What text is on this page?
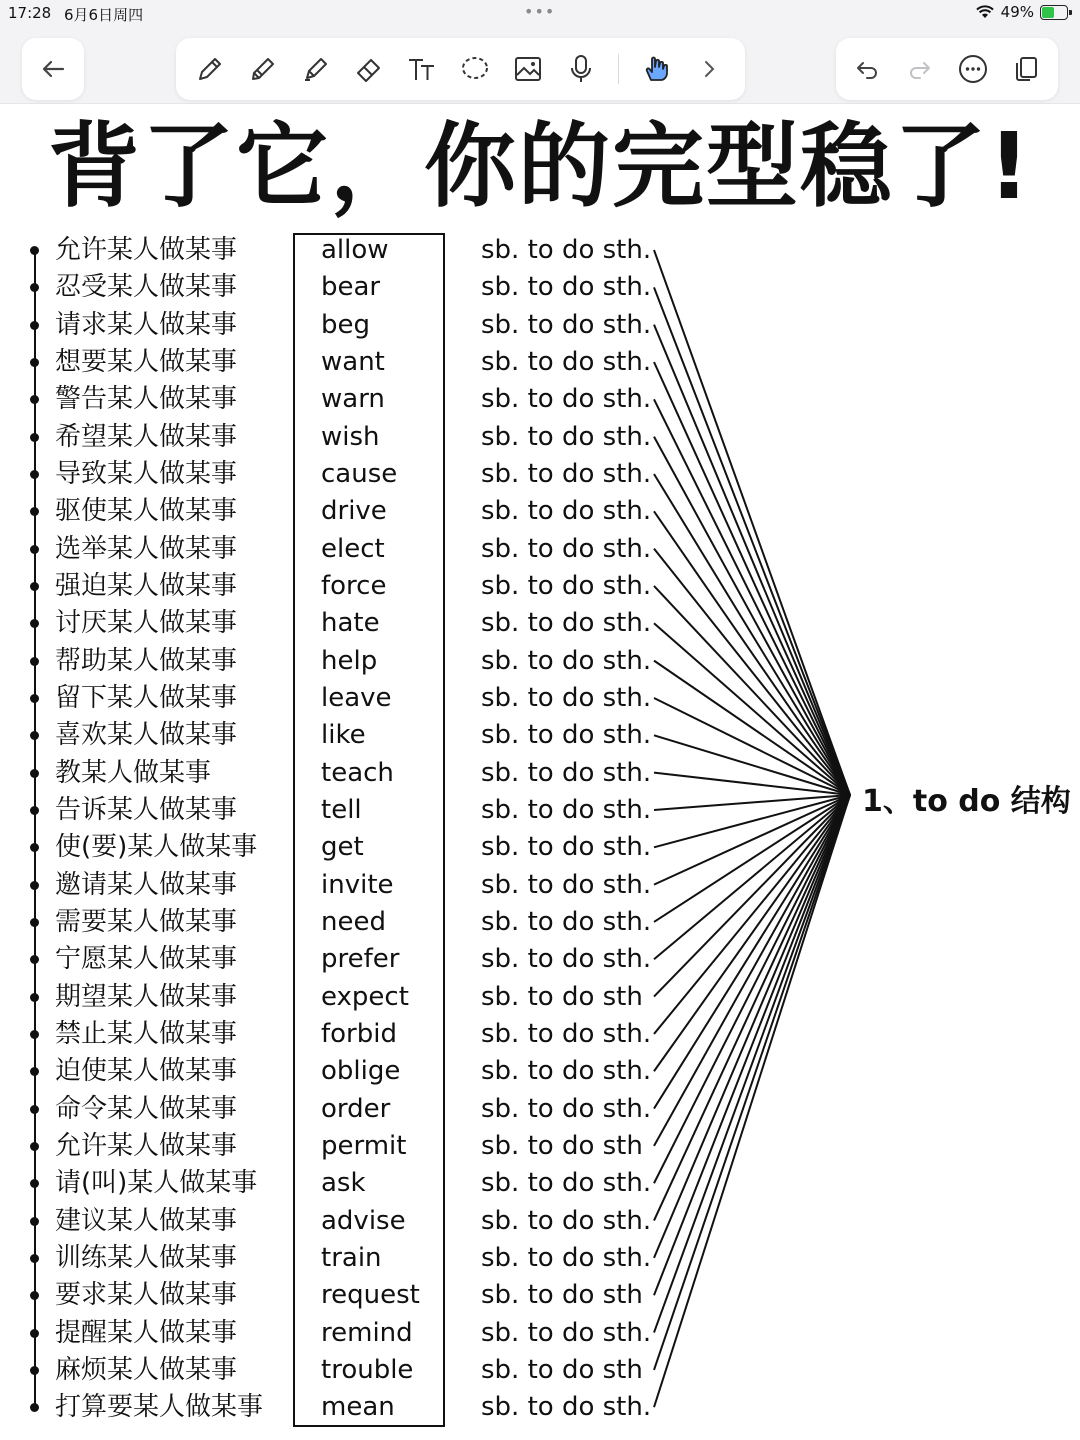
17:28 6月6日周四	•••	49%
背了它，你的完型稳了!
允许某人做某事	allow	sb. to do sth.
忍受某人做某事	bear	sb. to do sth.
请求某人做某事	beg	sb. to do sth.
想要某人做某事	want	sb. to do sth.
警告某人做某事	warn	sb. to do sth.
希望某人做某事	wish	sb. to do sth.
导致某人做某事	cause	sb. to do sth.
驱使某人做某事	drive	sb. to do sth.
选举某人做某事	elect	sb. to do sth.
强迫某人做某事	force	sb. to do sth.
讨厌某人做某事	hate	sb. to do sth.
帮助某人做某事	help	sb. to do sth.
留下某人做某事	leave	sb. to do sth.
喜欢某人做某事	like	sb. to do sth.
教某人做某事	teach	sb. to do sth.
告诉某人做某事	tell	sb. to do sth.
使(要)某人做某事 get	sb. to do sth.
邀请某人做某事	invite	sb. to do sth.
需要某人做某事	need	sb. to do sth.
宁愿某人做某事	prefer	sb. to do sth.
期望某人做某事	expect	sb. to do sth
禁止某人做某事	forbid	sb. to do sth.
迫使某人做某事	oblige	sb. to do sth.
命令某人做某事	order	sb. to do sth.
允许某人做某事	permit	sb. to do sth
请(叫)某人做某事 ask	sb. to do sth.
建议某人做某事	advise	sb. to do sth.
训练某人做某事	train	sb. to do sth.
要求某人做某事	request sb. to do sth
提醒某人做某事	remind	sb. to do sth.
麻烦某人做某事	trouble	sb. to do sth
打算要某人做某事 mean	sb. to do sth.
1、to do 结构
